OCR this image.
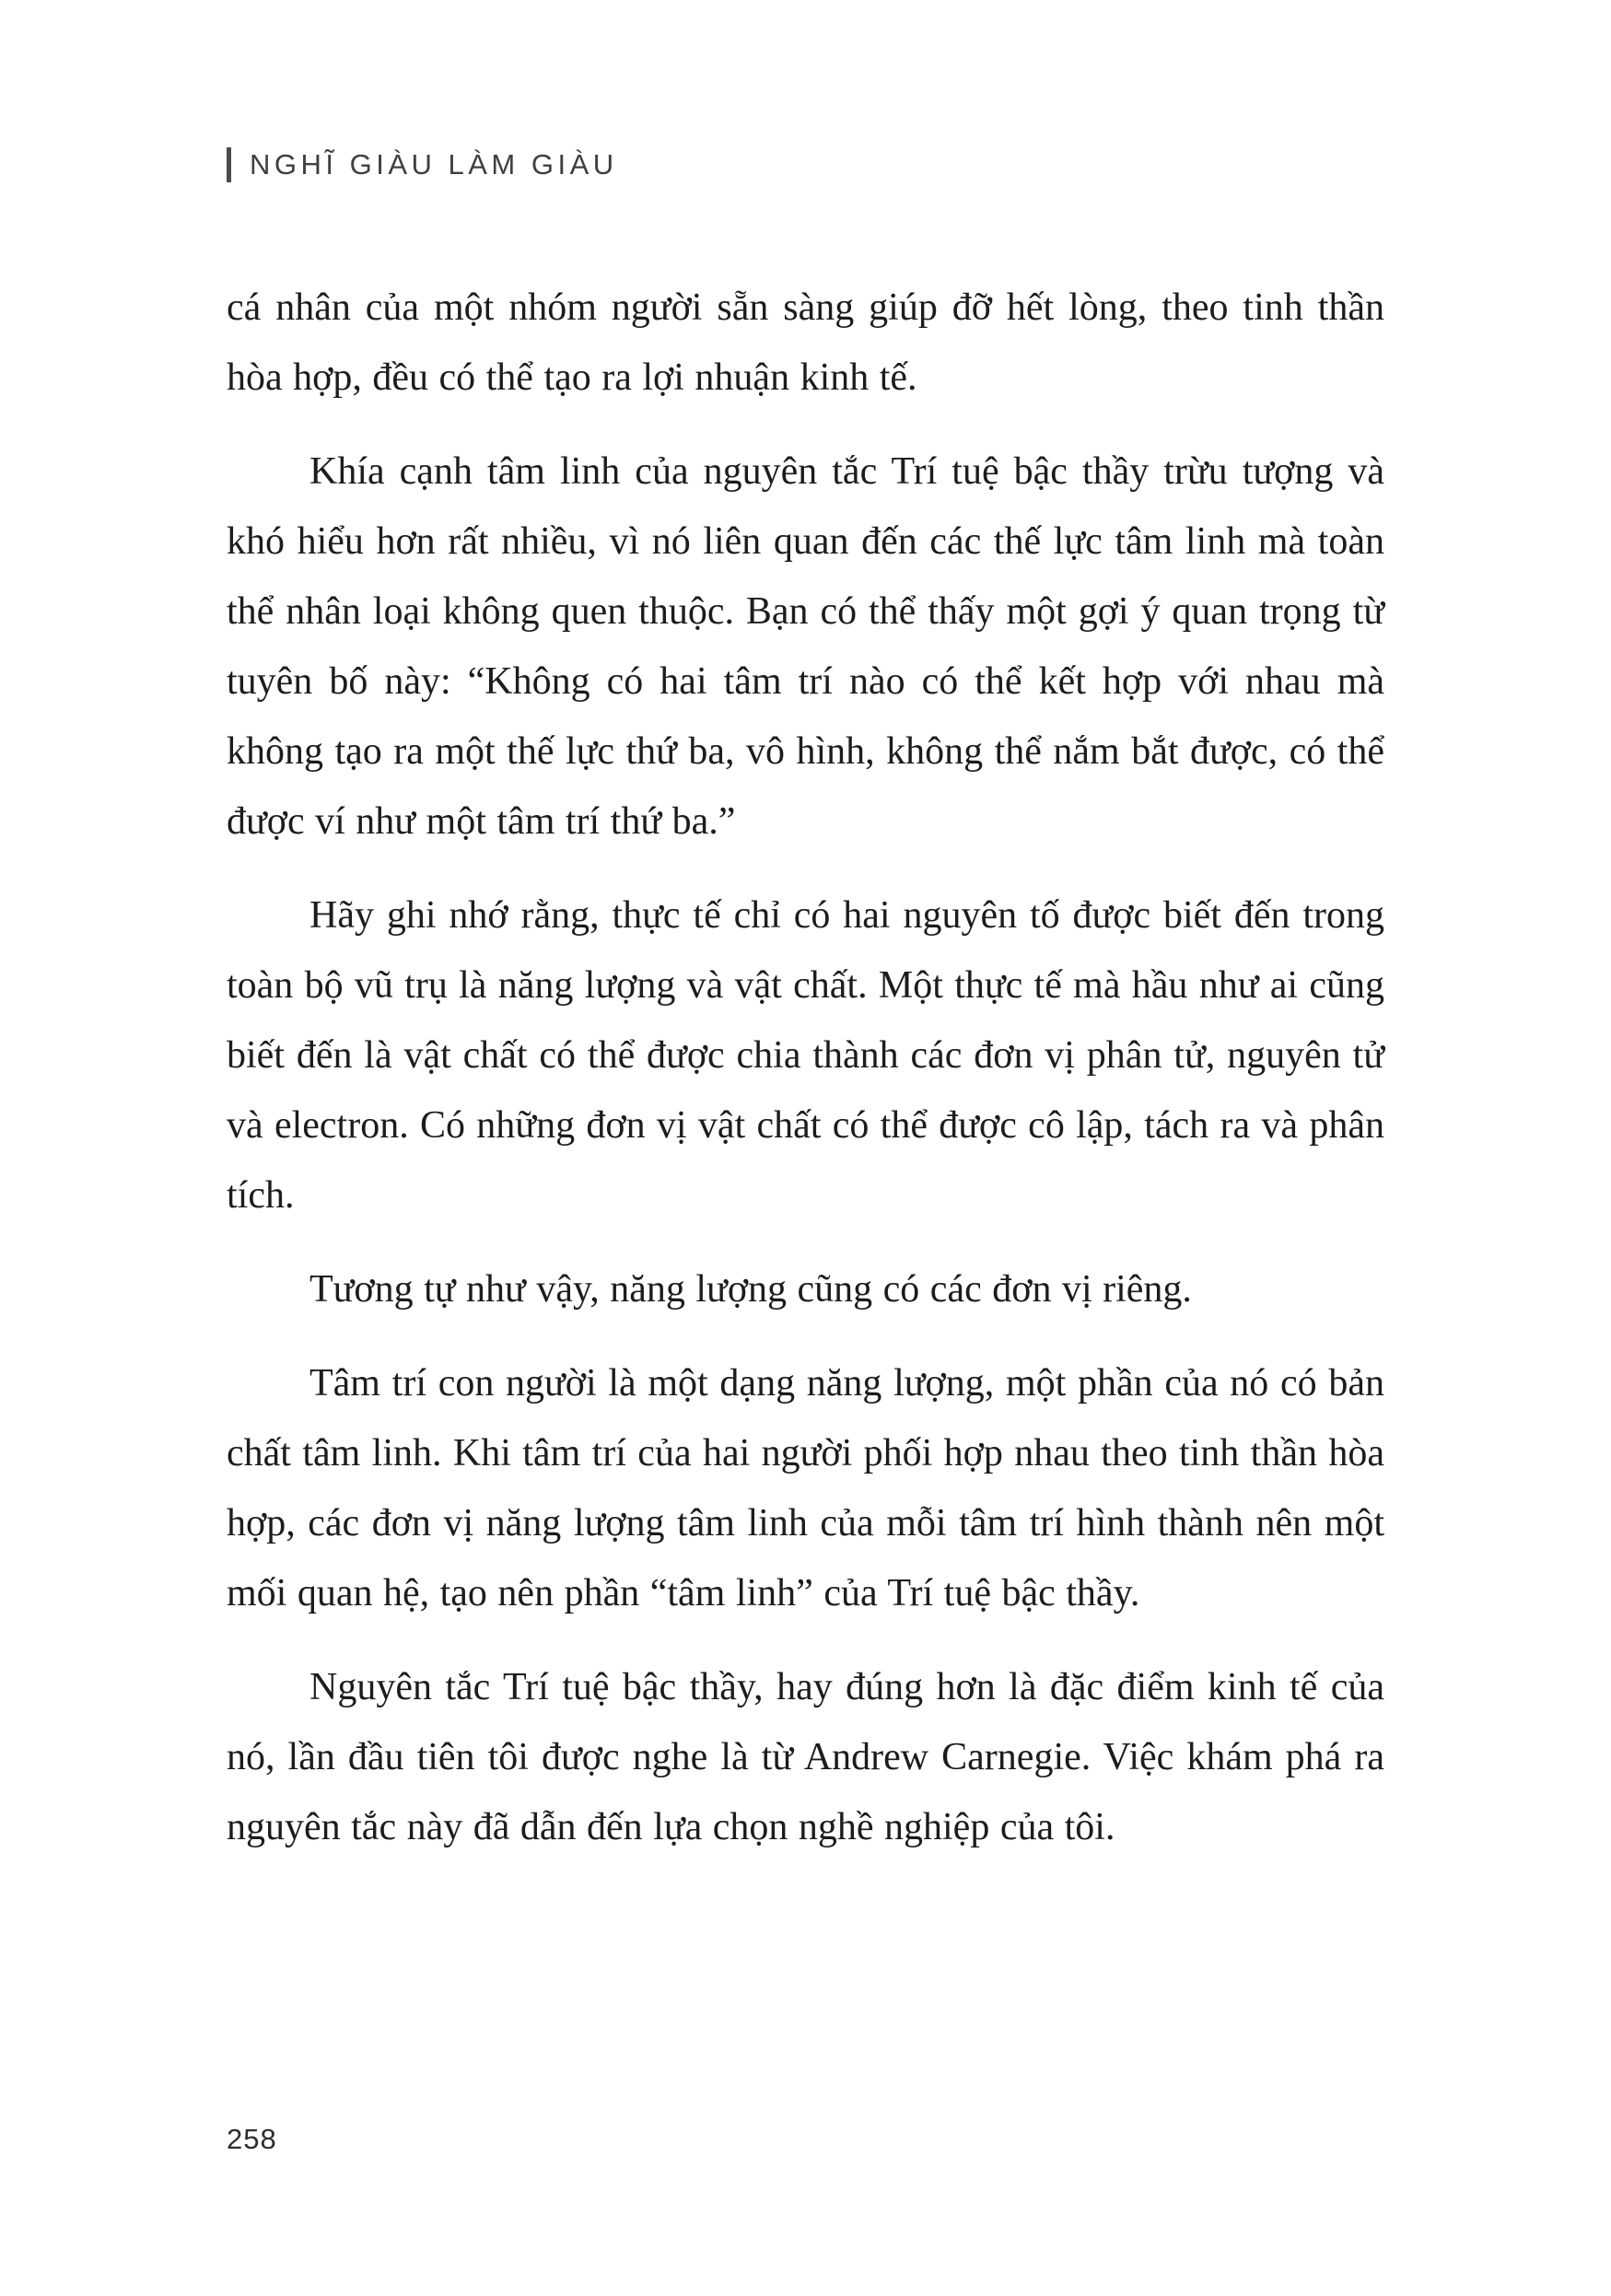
NGHĨ GIÀU LÀM GIÀU

cá nhân của một nhóm người sẵn sàng giúp đỡ hết lòng, theo tinh thần hòa hợp, đều có thể tạo ra lợi nhuận kinh tế.

Khía cạnh tâm linh của nguyên tắc Trí tuệ bậc thầy trừu tượng và khó hiểu hơn rất nhiều, vì nó liên quan đến các thế lực tâm linh mà toàn thể nhân loại không quen thuộc. Bạn có thể thấy một gợi ý quan trọng từ tuyên bố này: “Không có hai tâm trí nào có thể kết hợp với nhau mà không tạo ra một thế lực thứ ba, vô hình, không thể nắm bắt được, có thể được ví như một tâm trí thứ ba.”

Hãy ghi nhớ rằng, thực tế chỉ có hai nguyên tố được biết đến trong toàn bộ vũ trụ là năng lượng và vật chất. Một thực tế mà hầu như ai cũng biết đến là vật chất có thể được chia thành các đơn vị phân tử, nguyên tử và electron. Có những đơn vị vật chất có thể được cô lập, tách ra và phân tích.

Tương tự như vậy, năng lượng cũng có các đơn vị riêng.

Tâm trí con người là một dạng năng lượng, một phần của nó có bản chất tâm linh. Khi tâm trí của hai người phối hợp nhau theo tinh thần hòa hợp, các đơn vị năng lượng tâm linh của mỗi tâm trí hình thành nên một mối quan hệ, tạo nên phần “tâm linh” của Trí tuệ bậc thầy.

Nguyên tắc Trí tuệ bậc thầy, hay đúng hơn là đặc điểm kinh tế của nó, lần đầu tiên tôi được nghe là từ Andrew Carnegie. Việc khám phá ra nguyên tắc này đã dẫn đến lựa chọn nghề nghiệp của tôi.

258
